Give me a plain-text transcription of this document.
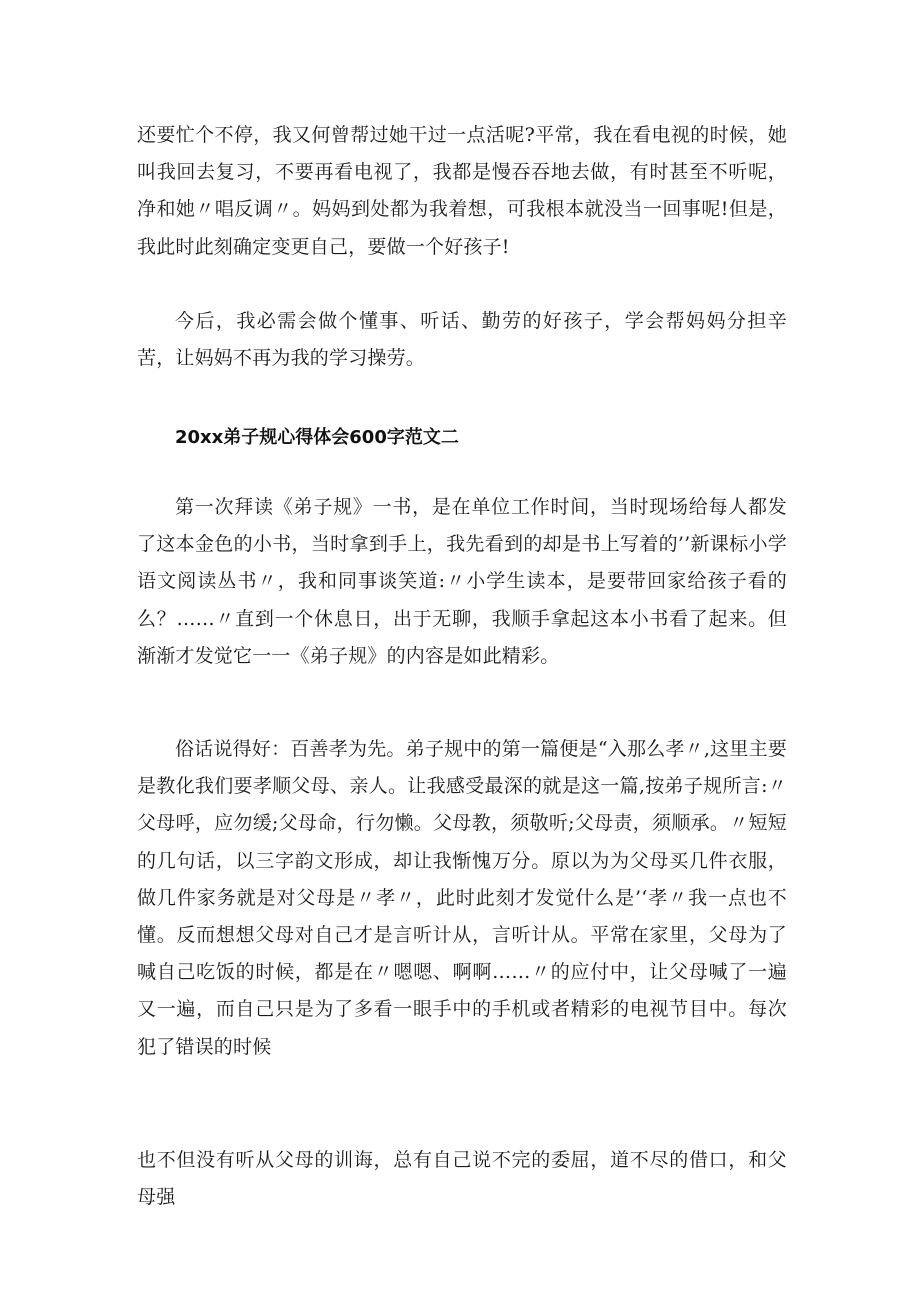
还要忙个不停，我又何曾帮过她干过一点活呢?平常，我在看电视的时候，她叫我回去复习，不要再看电视了，我都是慢吞吞地去做，有时甚至不听呢，净和她〃唱反调〃。妈妈到处都为我着想，可我根本就没当一回事呢!但是，我此时此刻确定变更自己，要做一个好孩子!

今后，我必需会做个懂事、听话、勤劳的好孩子，学会帮妈妈分担辛苦，让妈妈不再为我的学习操劳。

20xx弟子规心得体会600字范文二

第一次拜读《弟子规》一书，是在单位工作时间，当时现场给每人都发了这本金色的小书，当时拿到手上，我先看到的却是书上写着的’’新课标小学语文阅读丛书〃，我和同事谈笑道:〃小学生读本，是要带回家给孩子看的么？……〃直到一个休息日，出于无聊，我顺手拿起这本小书看了起来。但渐渐才发觉它一一《弟子规》的内容是如此精彩。

俗话说得好：百善孝为先。弟子规中的第一篇便是“入那么孝〃,这里主要是教化我们要孝顺父母、亲人。让我感受最深的就是这一篇,按弟子规所言:〃父母呼，应勿缓;父母命，行勿懒。父母教，须敬听;父母责，须顺承。〃短短的几句话，以三字韵文形成，却让我惭愧万分。原以为为父母买几件衣服，做几件家务就是对父母是〃孝〃，此时此刻才发觉什么是’‘孝〃我一点也不懂。反而想想父母对自己才是言听计从，言听计从。平常在家里，父母为了喊自己吃饭的时候，都是在〃嗯嗯、啊啊……〃的应付中，让父母喊了一遍又一遍，而自己只是为了多看一眼手中的手机或者精彩的电视节目中。每次犯了错误的时候

也不但没有听从父母的训诲，总有自己说不完的委屈，道不尽的借口，和父母强
